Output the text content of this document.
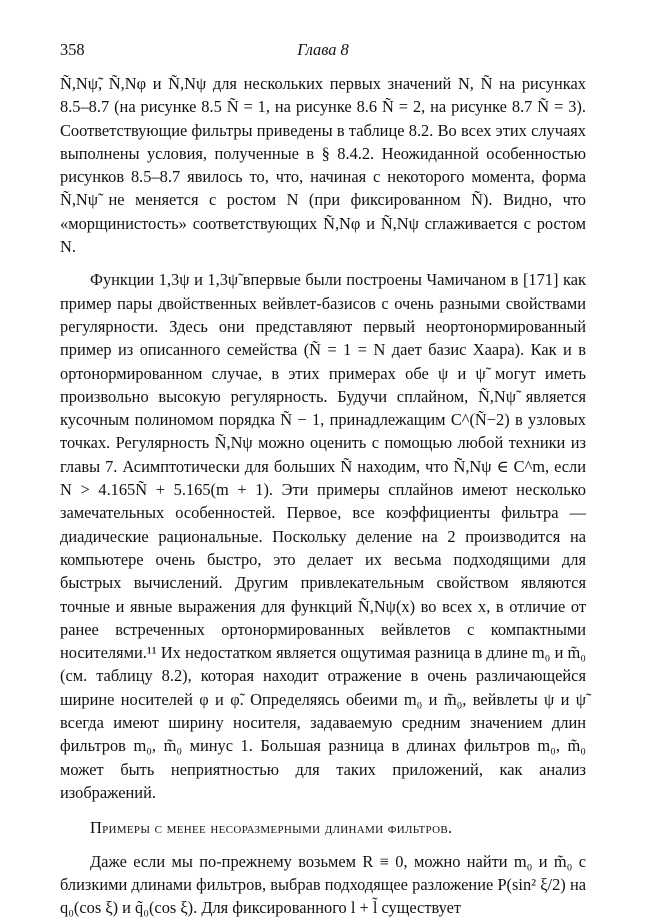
358	Глава 8

Ñ,Nψ̃, Ñ,Nφ и Ñ,Nψ для нескольких первых значений N, Ñ на рисунках 8.5–8.7 (на рисунке 8.5 Ñ = 1, на рисунке 8.6 Ñ = 2, на рисунке 8.7 Ñ = 3). Соответствующие фильтры приведены в таблице 8.2. Во всех этих случаях выполнены условия, полученные в § 8.4.2. Неожиданной особенностью рисунков 8.5–8.7 явилось то, что, начиная с некоторого момента, форма Ñ,Nψ̃ не меняется с ростом N (при фиксированном Ñ). Видно, что «морщинистость» соответствующих Ñ,Nφ и Ñ,Nψ сглаживается с ростом N.

Функции 1,3ψ и 1,3ψ̃ впервые были построены Чамичаном в [171] как пример пары двойственных вейвлет-базисов с очень разными свойствами регулярности. Здесь они представляют первый неортонормированный пример из описанного семейства (Ñ = 1 = N дает базис Хаара). Как и в ортонормированном случае, в этих примерах обе ψ и ψ̃ могут иметь произвольно высокую регулярность. Будучи сплайном, Ñ,Nψ̃ является кусочным полиномом порядка Ñ − 1, принадлежащим C^(Ñ−2) в узловых точках. Регулярность Ñ,Nψ можно оценить с помощью любой техники из главы 7. Асимптотически для больших Ñ находим, что Ñ,Nψ ∈ C^m, если N > 4.165Ñ + 5.165(m + 1). Эти примеры сплайнов имеют несколько замечательных особенностей. Первое, все коэффициенты фильтра — диадические рациональные. Поскольку деление на 2 производится на компьютере очень быстро, это делает их весьма подходящими для быстрых вычислений. Другим привлекательным свойством являются точные и явные выражения для функций Ñ,Nψ(x) во всех x, в отличие от ранее встреченных ортонормированных вейвлетов с компактными носителями.¹¹ Их недостатком является ощутимая разница в длине m₀ и m̃₀ (см. таблицу 8.2), которая находит отражение в очень различающейся ширине носителей φ и φ̃. Определяясь обеими m₀ и m̃₀, вейвлеты ψ и ψ̃ всегда имеют ширину носителя, задаваемую средним значением длин фильтров m₀, m̃₀ минус 1. Большая разница в длинах фильтров m₀, m̃₀ может быть неприятностью для таких приложений, как анализ изображений.

Примеры с менее несоразмерными длинами фильтров.

Даже если мы по-прежнему возьмем R ≡ 0, можно найти m₀ и m̃₀ с близкими длинами фильтров, выбрав подходящее разложение P(sin² ξ/2) на q₀(cos ξ) и q̃₀(cos ξ). Для фиксированного l + l̃ существует
